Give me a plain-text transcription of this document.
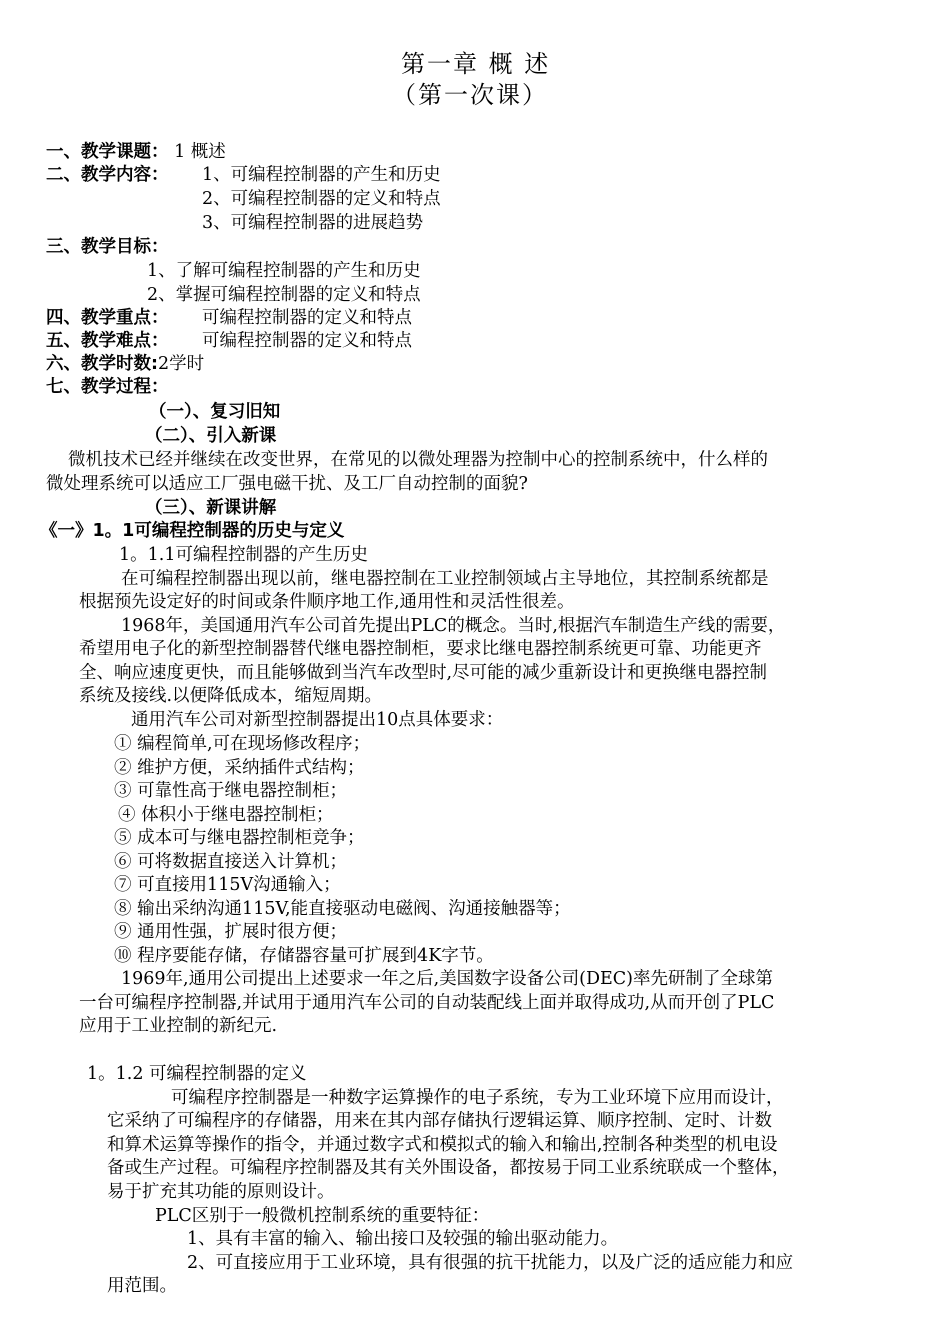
第一章 概 述
（第一次课）
一、教学课题： 1 概述
二、教学内容： 1、可编程控制器的产生和历史
2、可编程控制器的定义和特点
3、可编程控制器的进展趋势
三、教学目标：
1、了解可编程控制器的产生和历史
2、掌握可编程控制器的定义和特点
四、教学重点： 可编程控制器的定义和特点
五、教学难点： 可编程控制器的定义和特点
六、教学时数:2学时
七、教学过程：
（一）、复习旧知
（二）、引入新课
微机技术已经并继续在改变世界，在常见的以微处理器为控制中心的控制系统中，什么样的
微处理系统可以适应工厂强电磁干扰、及工厂自动控制的面貌?
（三）、新课讲解
《一》1。1可编程控制器的历史与定义
1。1.1可编程控制器的产生历史
在可编程控制器出现以前，继电器控制在工业控制领域占主导地位，其控制系统都是
根据预先设定好的时间或条件顺序地工作,通用性和灵活性很差。
1968年，美国通用汽车公司首先提出PLC的概念。当时,根据汽车制造生产线的需要，
希望用电子化的新型控制器替代继电器控制柜，要求比继电器控制系统更可靠、功能更齐
全、响应速度更快，而且能够做到当汽车改型时,尽可能的减少重新设计和更换继电器控制
系统及接线.以便降低成本，缩短周期。
通用汽车公司对新型控制器提出10点具体要求：
① 编程简单,可在现场修改程序；
② 维护方便，采纳插件式结构；
③ 可靠性高于继电器控制柜；
④ 体积小于继电器控制柜；
⑤ 成本可与继电器控制柜竞争；
⑥ 可将数据直接送入计算机；
⑦ 可直接用115V沟通输入；
⑧ 输出采纳沟通115V,能直接驱动电磁阀、沟通接触器等；
⑨ 通用性强，扩展时很方便；
⑩ 程序要能存储，存储器容量可扩展到4K字节。
1969年,通用公司提出上述要求一年之后,美国数字设备公司(DEC)率先研制了全球第
一台可编程序控制器,并试用于通用汽车公司的自动装配线上面并取得成功,从而开创了PLC
应用于工业控制的新纪元.
1。1.2 可编程控制器的定义
可编程序控制器是一种数字运算操作的电子系统，专为工业环境下应用而设计，
它采纳了可编程序的存储器，用来在其内部存储执行逻辑运算、顺序控制、定时、计数
和算术运算等操作的指令，并通过数字式和模拟式的输入和输出,控制各种类型的机电设
备或生产过程。可编程序控制器及其有关外围设备，都按易于同工业系统联成一个整体，
易于扩充其功能的原则设计。
PLC区别于一般微机控制系统的重要特征：
1、具有丰富的输入、输出接口及较强的输出驱动能力。
2、可直接应用于工业环境，具有很强的抗干扰能力，以及广泛的适应能力和应
用范围。
